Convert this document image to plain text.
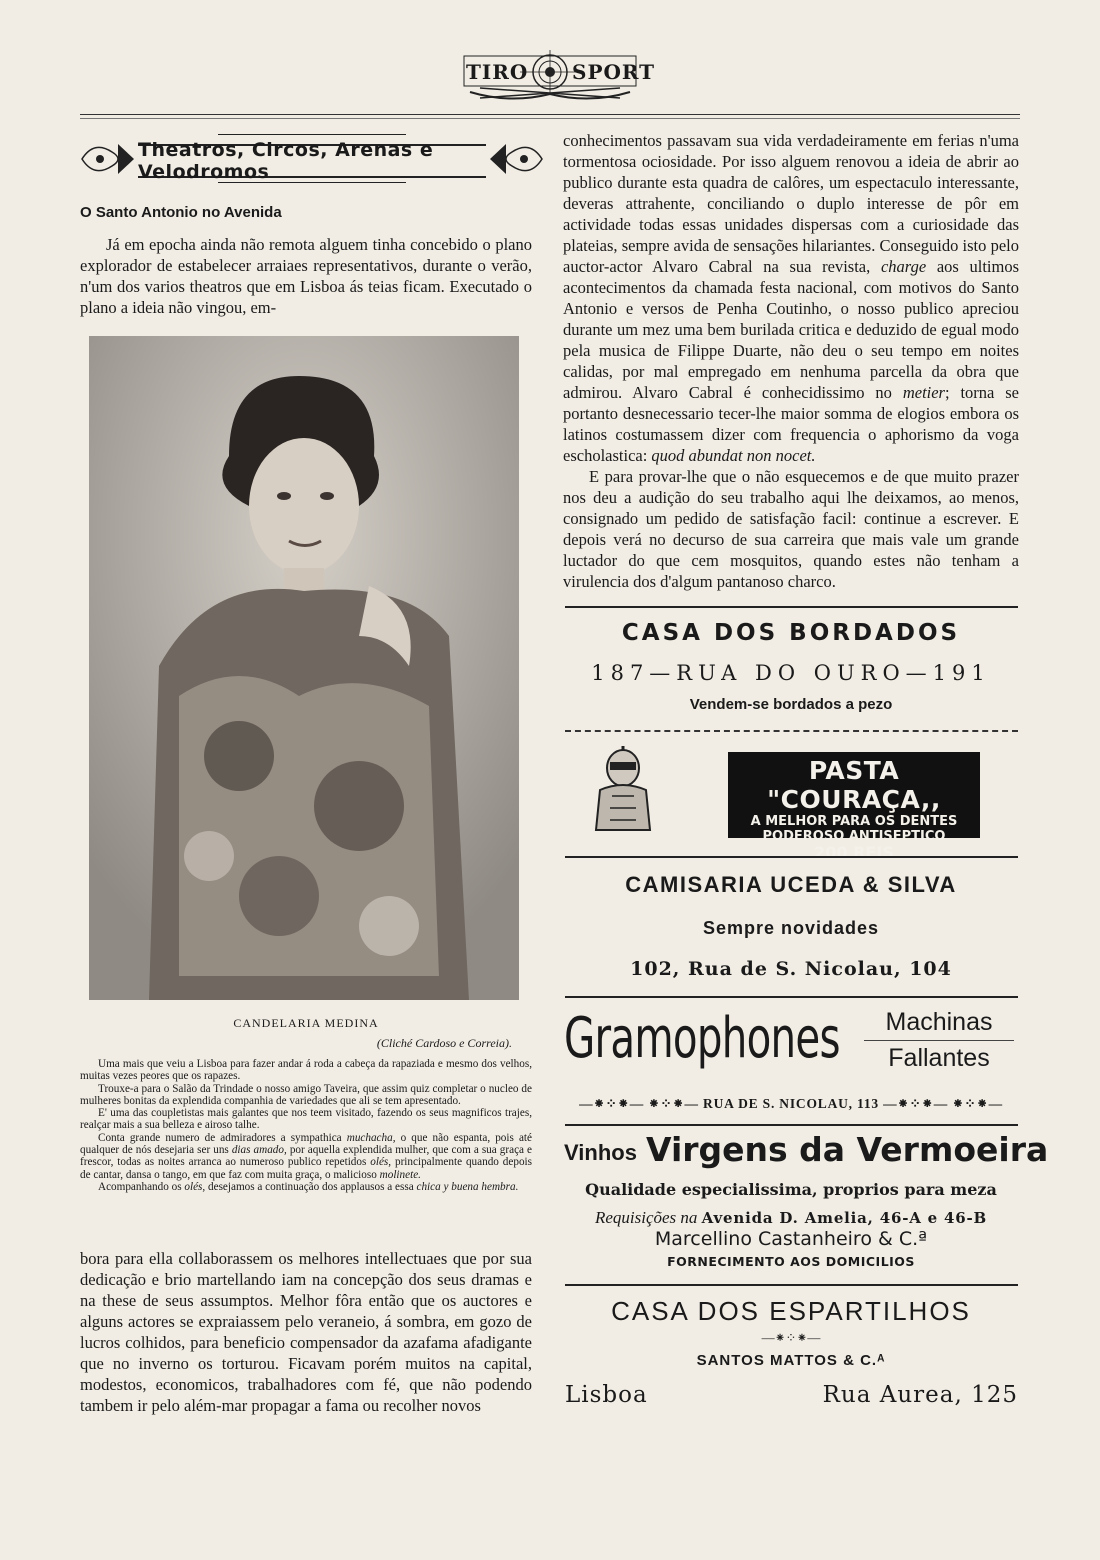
TIRO	SPORT
Theatros, Circos, Arenas e Velodromos
O Santo Antonio no Avenida
Já em epocha ainda não remota alguem tinha concebido o plano explorador de estabelecer arraiaes representativos, durante o verão, n'um dos varios theatros que em Lisboa ás teias ficam. Executado o plano a ideia não vingou, em-
CANDELARIA MEDINA
(Cliché Cardoso e Correia).

Uma mais que veiu a Lisboa para fazer andar á roda a cabeça da rapaziada e mesmo dos velhos, muitas vezes peores que os rapazes.

Trouxe-a para o Salão da Trindade o nosso amigo Taveira, que assim quiz completar o nucleo de mulheres bonitas da explendida companhia de variedades que ali se tem apresentado.

E' uma das coupletistas mais galantes que nos teem visitado, fazendo os seus magnificos trajes, realçar mais a sua belleza e airoso talhe.

Conta grande numero de admiradores a sympathica muchacha, o que não espanta, pois até qualquer de nós desejaria ser uns dias amado, por aquella explendida mulher, que com a sua graça e frescor, todas as noites arranca ao numeroso publico repetidos olés, principalmente quando depois de cantar, dansa o tango, em que faz com muita graça, o malicioso molinete.

Acompanhando os olés, desejamos a continuação dos applausos a essa chica y buena hembra.

bora para ella collaborassem os melhores intellectuaes que por sua dedicação e brio martellando iam na concepção dos seus dramas e na these de seus assumptos. Melhor fôra então que os auctores e alguns actores se expraiassem pelo veraneio, á sombra, em gozo de lucros colhidos, para beneficio compensador da azafama afadigante que no inverno os torturou. Ficavam porém muitos na capital, modestos, economicos, trabalhadores com fé, que não podendo tambem ir pelo além-mar propagar a fama ou recolher novos

conhecimentos passavam sua vida verdadeiramente em ferias n'uma tormentosa ociosidade. Por isso alguem renovou a ideia de abrir ao publico durante esta quadra de calôres, um espectaculo interessante, deveras attrahente, conciliando o duplo interesse de pôr em actividade todas essas unidades dispersas com a curiosidade das plateias, sempre avida de sensações hilariantes. Conseguido isto pelo auctor-actor Alvaro Cabral na sua revista, charge aos ultimos acontecimentos da chamada festa nacional, com motivos do Santo Antonio e versos de Penha Coutinho, o nosso publico apreciou durante um mez uma bem burilada critica e deduzido de egual modo pela musica de Filippe Duarte, não deu o seu tempo em noites calidas, por mal empregado em nenhuma parcella da obra que admirou. Alvaro Cabral é conhecidissimo no metier; torna se portanto desnecessario tecer-lhe maior somma de elogios embora os latinos costumassem dizer com frequencia o aphorismo da voga escholastica: quod abundat non nocet.

E para provar-lhe que o não esquecemos e de que muito prazer nos deu a audição do seu trabalho aqui lhe deixamos, ao menos, consignado um pedido de satisfação facil: continue a escrever. E depois verá no decurso de sua carreira que mais vale um grande luctador do que cem mosquitos, quando estes não tenham a virulencia dos d'algum pantanoso charco.

CASA DOS BORDADOS
187—RUA DO OURO—191
Vendem-se bordados a pezo
PASTA "COURAÇA,,
A MELHOR PARA OS DENTES
PODEROSO ANTISEPTICO
200 REIS
CAMISARIA UCEDA & SILVA
Sempre novidades
102, Rua de S. Nicolau, 104
Gramophones	Machinas
Fallantes
—⁕⁘⁕— ⁕⁘⁕— RUA DE S. NICOLAU, 113 —⁕⁘⁕— ⁕⁘⁕—
Vinhos Virgens da Vermoeira
Qualidade especialissima, proprios para meza
Requisições na Avenida D. Amelia, 46-A e 46-B
Marcellino Castanheiro & C.ª
FORNECIMENTO AOS DOMICILIOS
CASA DOS ESPARTILHOS
—⁕⁘⁕—
SANTOS MATTOS & C.ᴬ
Lisboa	Rua Aurea, 125
